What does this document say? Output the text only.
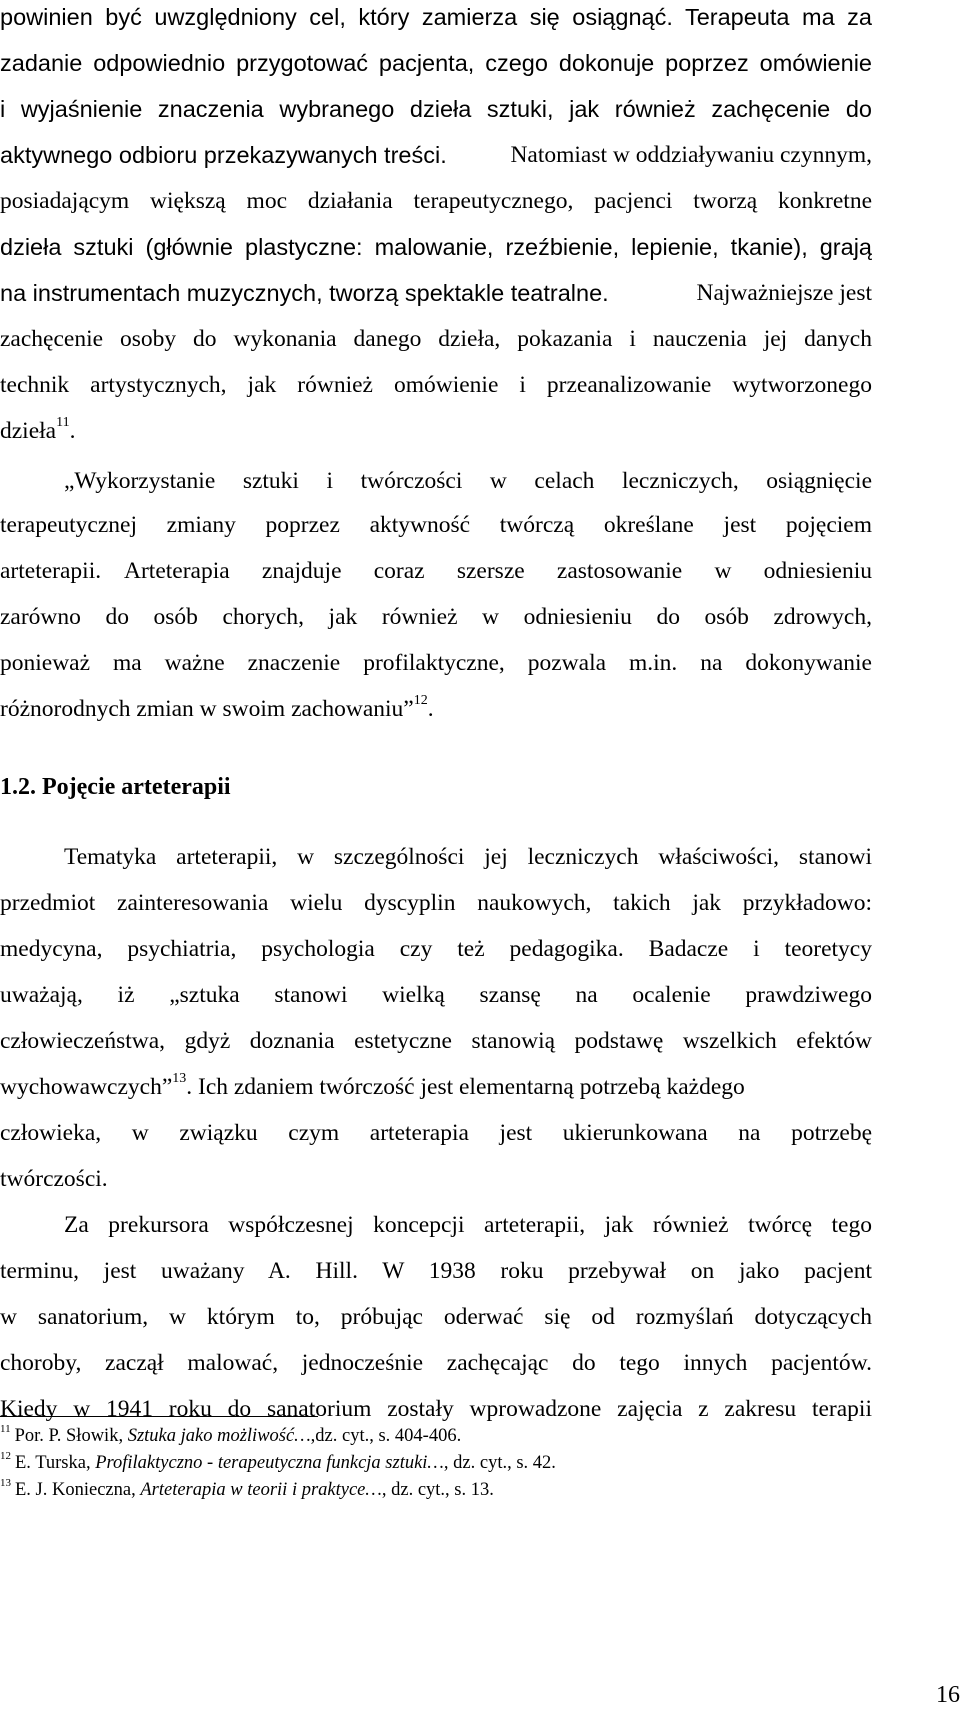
powinien być uwzględniony cel, który zamierza się osiągnąć. Terapeuta ma za
zadanie odpowiednio przygotować pacjenta, czego dokonuje poprzez omówienie
i wyjaśnienie znaczenia wybranego dzieła sztuki, jak również zachęcenie do
aktywnego odbioru przekazywanych treści.	Natomiast w oddziaływaniu czynnym,
posiadającym większą moc działania terapeutycznego, pacjenci tworzą konkretne
dzieła sztuki (głównie plastyczne: malowanie, rzeźbienie, lepienie, tkanie), grają
na instrumentach muzycznych, tworzą spektakle teatralne.	Najważniejsze jest
zachęcenie osoby do wykonania danego dzieła, pokazania i nauczenia jej danych
technik artystycznych, jak również omówienie i przeanalizowanie wytworzonego
dzieła$^{11}$.
„Wykorzystanie sztuki i twórczości w celach leczniczych, osiągnięcie
terapeutycznej zmiany poprzez aktywność twórczą określane jest pojęciem
arteterapii. Arteterapia znajduje coraz szersze zastosowanie w odniesieniu
zarówno do osób chorych, jak również w odniesieniu do osób zdrowych,
ponieważ ma ważne znaczenie profilaktyczne, pozwala m.in. na dokonywanie
różnorodnych zmian w swoim zachowaniu”$^{12}$.
1.2. Pojęcie arteterapii
Tematyka arteterapii, w szczególności jej leczniczych właściwości, stanowi
przedmiot zainteresowania wielu dyscyplin naukowych, takich jak przykładowo:
medycyna, psychiatria, psychologia czy też pedagogika. Badacze i teoretycy
uważają, iż „sztuka stanowi wielką szansę na ocalenie prawdziwego
człowieczeństwa, gdyż doznania estetyczne stanowią podstawę wszelkich efektów
wychowawczych”$^{13}$. Ich zdaniem twórczość jest elementarną potrzebą każdego
człowieka, w związku czym arteterapia jest ukierunkowana na potrzebę
twórczości.
Za prekursora współczesnej koncepcji arteterapii, jak również twórcę tego
terminu, jest uważany A. Hill. W 1938 roku przebywał on jako pacjent
w sanatorium, w którym to, próbując oderwać się od rozmyślań dotyczących
choroby, zaczął malować, jednocześnie zachęcając do tego innych pacjentów.
Kiedy w 1941 roku do sanatorium zostały wprowadzone zajęcia z zakresu terapii
$^{11}$ Por. P. Słowik, Sztuka jako możliwość…,dz. cyt., s. 404-406.
$^{12}$ E. Turska, Profilaktyczno - terapeutyczna funkcja sztuki…, dz. cyt., s. 42.
$^{13}$ E. J. Konieczna, Arteterapia w teorii i praktyce…, dz. cyt., s. 13.
16
